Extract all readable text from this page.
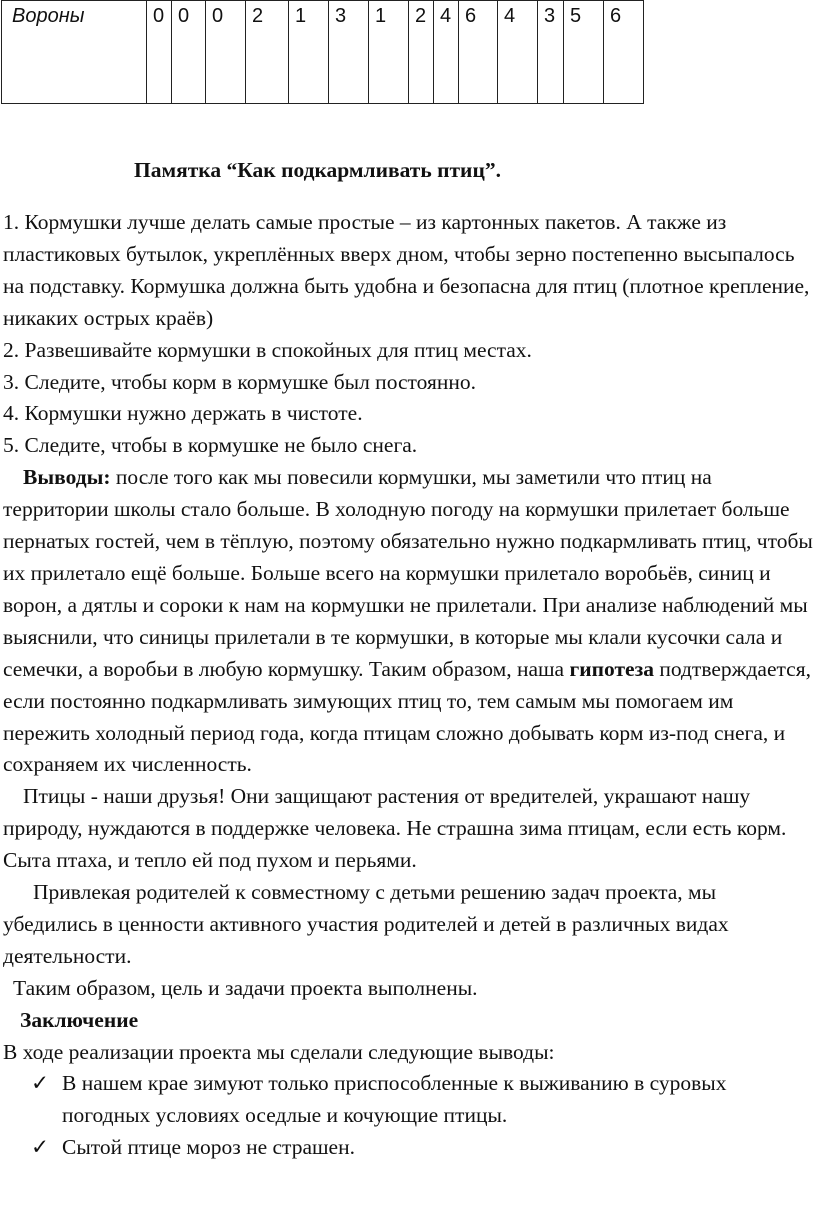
Вороны	0	0	0	2	1	3	1	2	4	6	4	3	5	6
Памятка “Как подкармливать птиц”.

1. Кормушки лучше делать самые простые – из картонных пакетов. А также из пластиковых бутылок, укреплённых вверх дном, чтобы зерно постепенно высыпалось на подставку. Кормушка должна быть удобна и безопасна для птиц (плотное крепление, никаких острых краёв)

2. Развешивайте кормушки в спокойных для птиц местах.

3. Следите, чтобы корм в кормушке был постоянно.

4. Кормушки нужно держать в чистоте.

5. Следите, чтобы в кормушке не было снега.

Выводы: после того как мы повесили кормушки, мы заметили что птиц на территории школы стало больше. В холодную погоду на кормушки прилетает больше пернатых гостей, чем в тёплую, поэтому обязательно нужно подкармливать птиц, чтобы их прилетало ещё больше. Больше всего на кормушки прилетало воробьёв, синиц и ворон, а дятлы и сороки к нам на кормушки не прилетали. При анализе наблюдений мы выяснили, что синицы прилетали в те кормушки, в которые мы клали кусочки сала и семечки, а воробьи в любую кормушку. Таким образом, наша гипотеза подтверждается, если постоянно подкармливать зимующих птиц то, тем самым мы помогаем им пережить холодный период года, когда птицам сложно добывать корм из-под снега, и сохраняем их численность.

Птицы - наши друзья! Они защищают растения от вредителей, украшают нашу природу, нуждаются в поддержке человека. Не страшна зима птицам, если есть корм. Сыта птаха, и тепло ей под пухом и перьями.

Привлекая родителей к совместному с детьми решению задач проекта, мы убедились в ценности активного участия родителей и детей в различных видах деятельности.

Таким образом, цель и задачи проекта выполнены.

Заключение

В ходе реализации проекта мы сделали следующие выводы:

✓ В нашем крае зимуют только приспособленные к выживанию в суровых погодных условиях оседлые и кочующие птицы.

✓ Сытой птице мороз не страшен.
